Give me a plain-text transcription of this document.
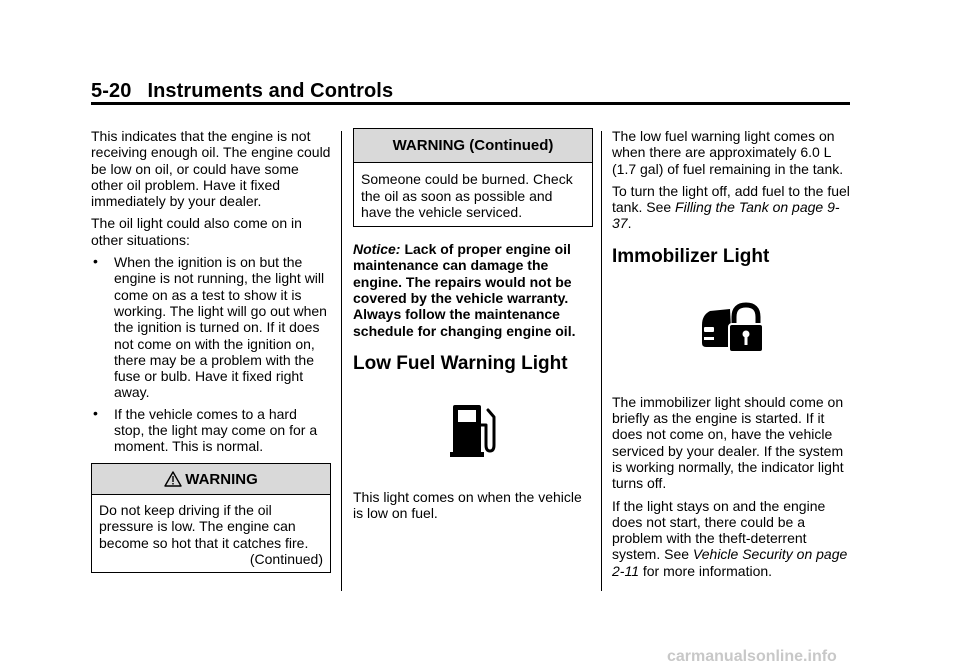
5-20 Instruments and Controls

This indicates that the engine is not receiving enough oil. The engine could be low on oil, or could have some other oil problem. Have it fixed immediately by your dealer.

The oil light could also come on in other situations:

• When the ignition is on but the engine is not running, the light will come on as a test to show it is working. The light will go out when the ignition is turned on. If it does not come on with the ignition on, there may be a problem with the fuse or bulb. Have it fixed right away.
• If the vehicle comes to a hard stop, the light may come on for a moment. This is normal.
WARNING

Do not keep driving if the oil pressure is low. The engine can become so hot that it catches fire.

(Continued)
WARNING (Continued)

Someone could be burned. Check the oil as soon as possible and have the vehicle serviced.

Notice: Lack of proper engine oil maintenance can damage the engine. The repairs would not be covered by the vehicle warranty. Always follow the maintenance schedule for changing engine oil.

Low Fuel Warning Light

This light comes on when the vehicle is low on fuel.

The low fuel warning light comes on when there are approximately 6.0 L (1.7 gal) of fuel remaining in the tank.

To turn the light off, add fuel to the fuel tank. See Filling the Tank on page 9-37.

Immobilizer Light

The immobilizer light should come on briefly as the engine is started. If it does not come on, have the vehicle serviced by your dealer. If the system is working normally, the indicator light turns off.

If the light stays on and the engine does not start, there could be a problem with the theft-deterrent system. See Vehicle Security on page 2-11 for more information.

carmanualsonline.info
